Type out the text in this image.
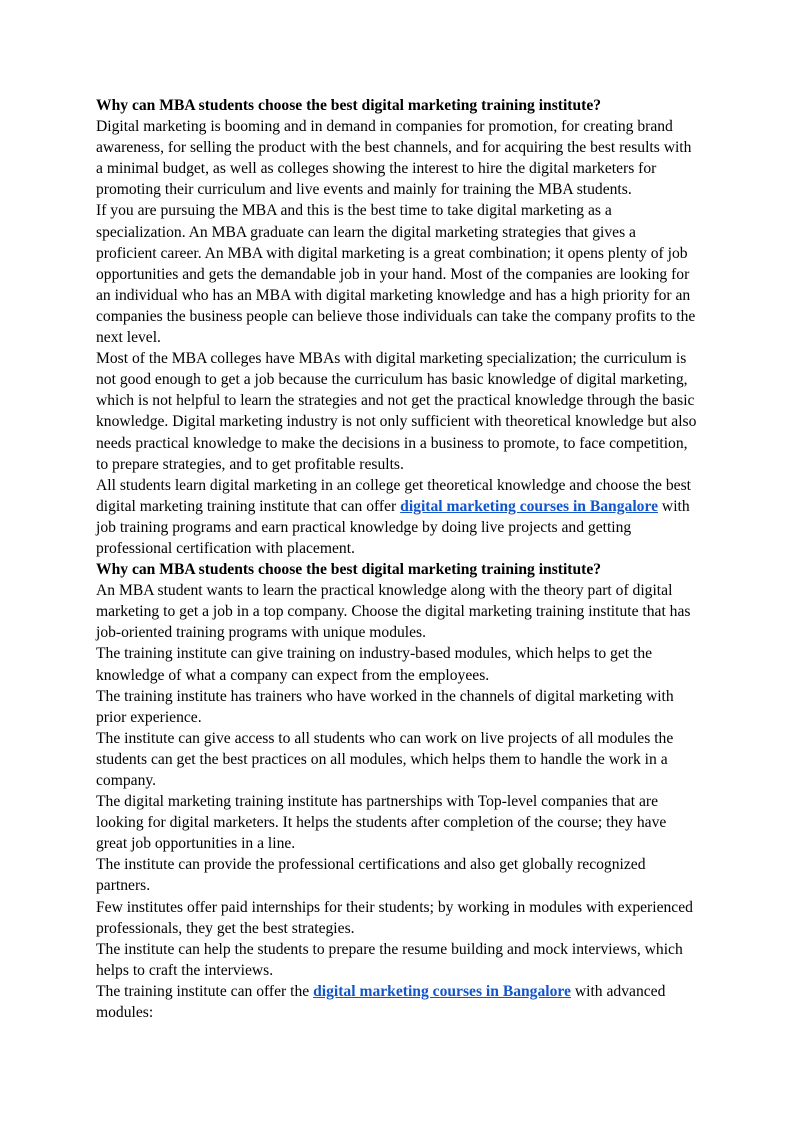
Why can MBA students choose the best digital marketing training institute?

Digital marketing is booming and in demand in companies for promotion, for creating brand awareness, for selling the product with the best channels, and for acquiring the best results with a minimal budget, as well as colleges showing the interest to hire the digital marketers for promoting their curriculum and live events and mainly for training the MBA students.

If you are pursuing the MBA and this is the best time to take digital marketing as a specialization. An MBA graduate can learn the digital marketing strategies that gives a proficient career. An MBA with digital marketing is a great combination; it opens plenty of job opportunities and gets the demandable job in your hand. Most of the companies are looking for an individual who has an MBA with digital marketing knowledge and has a high priority for an companies the business people can believe those individuals can take the company profits to the next level.

Most of the MBA colleges have MBAs with digital marketing specialization; the curriculum is not good enough to get a job because the curriculum has basic knowledge of digital marketing, which is not helpful to learn the strategies and not get the practical knowledge through the basic knowledge. Digital marketing industry is not only sufficient with theoretical knowledge but also needs practical knowledge to make the decisions in a business to promote, to face competition, to prepare strategies, and to get profitable results.

All students learn digital marketing in an college get theoretical knowledge and choose the best digital marketing training institute that can offer digital marketing courses in Bangalore with job training programs and earn practical knowledge by doing live projects and getting professional certification with placement.

Why can MBA students choose the best digital marketing training institute?

An MBA student wants to learn the practical knowledge along with the theory part of digital marketing to get a job in a top company. Choose the digital marketing training institute that has job-oriented training programs with unique modules.

The training institute can give training on industry-based modules, which helps to get the knowledge of what a company can expect from the employees.

The training institute has trainers who have worked in the channels of digital marketing with prior experience.

The institute can give access to all students who can work on live projects of all modules the students can get the best practices on all modules, which helps them to handle the work in a company.

The digital marketing training institute has partnerships with Top-level companies that are looking for digital marketers. It helps the students after completion of the course; they have great job opportunities in a line.

The institute can provide the professional certifications and also get globally recognized partners.

Few institutes offer paid internships for their students; by working in modules with experienced professionals, they get the best strategies.

The institute can help the students to prepare the resume building and mock interviews, which helps to craft the interviews.

The training institute can offer the digital marketing courses in Bangalore with advanced modules:
